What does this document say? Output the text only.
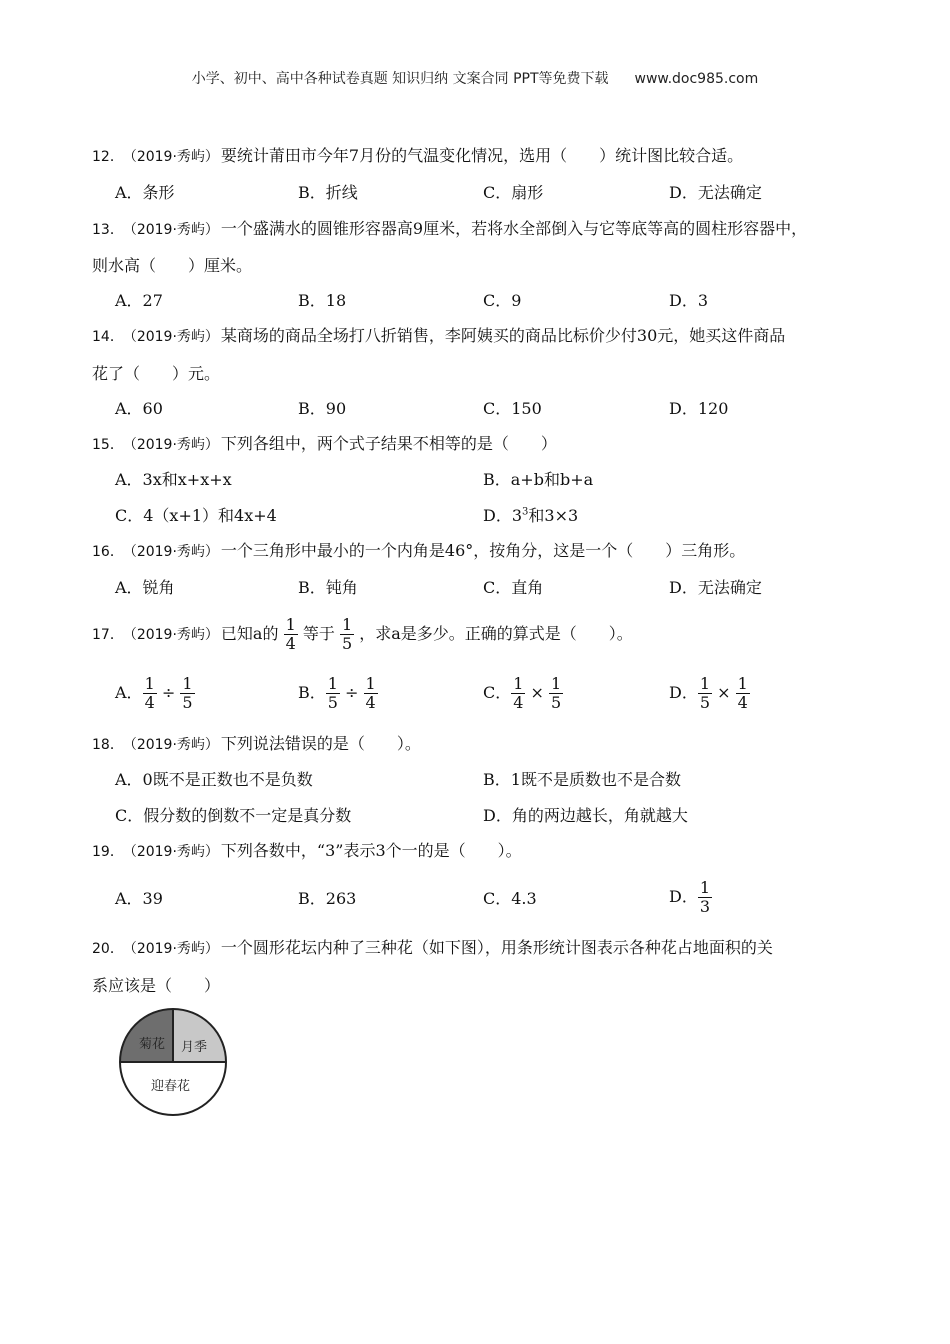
小学、初中、高中各种试卷真题 知识归纳 文案合同 PPT等免费下载 www.doc985.com
12． （2019·秀屿） 要统计莆田市今年7月份的气温变化情况，选用（　　）统计图比较合适。
A．条形	B．折线	C．扇形	D．无法确定
13． （2019·秀屿） 一个盛满水的圆锥形容器高9厘米，若将水全部倒入与它等底等高的圆柱形容器中，
则水高（　　）厘米。
A．27	B．18	C．9	D．3
14． （2019·秀屿） 某商场的商品全场打八折销售，李阿姨买的商品比标价少付30元，她买这件商品
花了（　　）元。
A．60	B．90	C．150	D．120
15． （2019·秀屿） 下列各组中，两个式子结果不相等的是（　　）
A．3x和x+x+x	B．a+b和b+a
C．4（x+1）和4x+4	D．$3^3$和3×3
16． （2019·秀屿） 一个三角形中最小的一个内角是46°，按角分，这是一个（　　）三角形。
A．锐角	B．钝角	C．直角	D．无法确定
17． （2019·秀屿） 已知a的 $\frac{1}{4}$ 等于 $\frac{1}{5}$ ，求a是多少。正确的算式是（　　）。
A． $\frac{1}{4} \div \frac{1}{5}$	B． $\frac{1}{5} \div \frac{1}{4}$	C． $\frac{1}{4} \times \frac{1}{5}$	D． $\frac{1}{5} \times \frac{1}{4}$
18． （2019·秀屿） 下列说法错误的是（　　）。
A．0既不是正数也不是负数	B．1既不是质数也不是合数
C．假分数的倒数不一定是真分数	D．角的两边越长，角就越大
19． （2019·秀屿） 下列各数中，“3”表示3个一的是（　　）。
A．39	B．263	C．4.3	D． $\frac{1}{3}$
20． （2019·秀屿） 一个圆形花坛内种了三种花（如下图），用条形统计图表示各种花占地面积的关
系应该是（　　）
菊花 月季
迎春花
